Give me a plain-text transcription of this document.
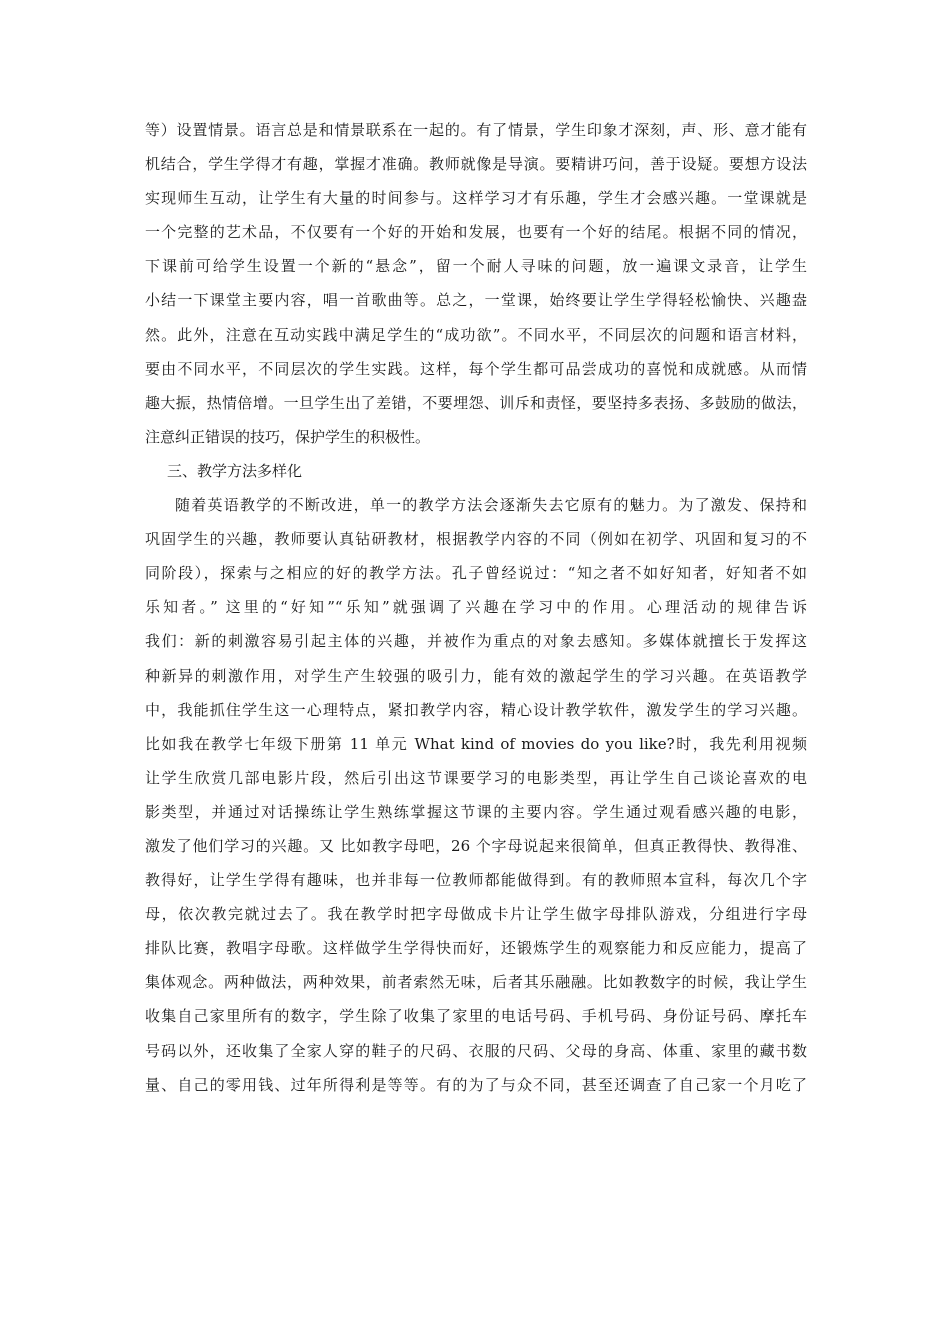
等）设置情景。语言总是和情景联系在一起的。有了情景，学生印象才深刻，声、形、意才能有
机结合，学生学得才有趣，掌握才准确。教师就像是导演。要精讲巧问，善于设疑。要想方设法
实现师生互动，让学生有大量的时间参与。这样学习才有乐趣，学生才会感兴趣。一堂课就是
一个完整的艺术品，不仅要有一个好的开始和发展，也要有一个好的结尾。根据不同的情况，
下课前可给学生设置一个新的“悬念”，留一个耐人寻味的问题，放一遍课文录音，让学生
小结一下课堂主要内容，唱一首歌曲等。总之，一堂课，始终要让学生学得轻松愉快、兴趣盎
然。此外，注意在互动实践中满足学生的“成功欲”。不同水平，不同层次的问题和语言材料，
要由不同水平，不同层次的学生实践。这样，每个学生都可品尝成功的喜悦和成就感。从而情
趣大振，热情倍增。一旦学生出了差错，不要埋怨、训斥和责怪，要坚持多表扬、多鼓励的做法，
注意纠正错误的技巧，保护学生的积极性。
三、教学方法多样化
随着英语教学的不断改进，单一的教学方法会逐渐失去它原有的魅力。为了激发、保持和
巩固学生的兴趣，教师要认真钻研教材，根据教学内容的不同（例如在初学、巩固和复习的不
同阶段），探索与之相应的好的教学方法。孔子曾经说过：“知之者不如好知者，好知者不如
乐知者。” 这里的“好知”“乐知”就强调了兴趣在学习中的作用。心理活动的规律告诉
我们：新的刺激容易引起主体的兴趣，并被作为重点的对象去感知。多媒体就擅长于发挥这
种新异的刺激作用，对学生产生较强的吸引力，能有效的激起学生的学习兴趣。在英语教学
中，我能抓住学生这一心理特点，紧扣教学内容，精心设计教学软件，激发学生的学习兴趣。
比如我在教学七年级下册第 11 单元 What kind of movies do you like?时，我先利用视频
让学生欣赏几部电影片段，然后引出这节课要学习的电影类型，再让学生自己谈论喜欢的电
影类型，并通过对话操练让学生熟练掌握这节课的主要内容。学生通过观看感兴趣的电影，
激发了他们学习的兴趣。又 比如教字母吧，26 个字母说起来很简单，但真正教得快、教得准、
教得好，让学生学得有趣味，也并非每一位教师都能做得到。有的教师照本宣科，每次几个字
母，依次教完就过去了。我在教学时把字母做成卡片让学生做字母排队游戏，分组进行字母
排队比赛，教唱字母歌。这样做学生学得快而好，还锻炼学生的观察能力和反应能力，提高了
集体观念。两种做法，两种效果，前者索然无味，后者其乐融融。比如教数字的时候，我让学生
收集自己家里所有的数字，学生除了收集了家里的电话号码、手机号码、身份证号码、摩托车
号码以外，还收集了全家人穿的鞋子的尺码、衣服的尺码、父母的身高、体重、家里的藏书数
量、自己的零用钱、过年所得利是等等。有的为了与众不同，甚至还调查了自己家一个月吃了
